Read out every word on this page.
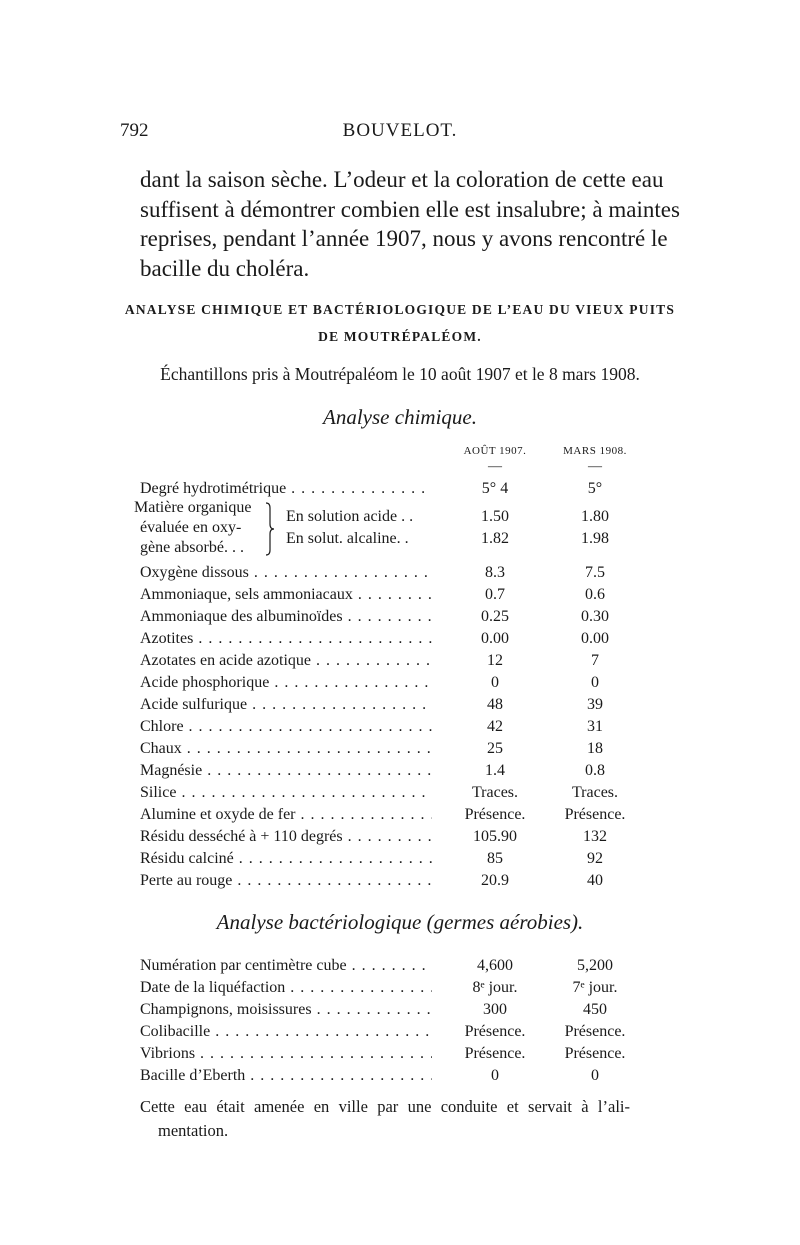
792	BOUVELOT.
dant la saison sèche. L’odeur et la coloration de cette eau
suffisent à démontrer combien elle est insalubre; à maintes
reprises, pendant l’année 1907, nous y avons rencontré le
bacille du choléra.
ANALYSE CHIMIQUE ET BACTÉRIOLOGIQUE DE L’EAU DU VIEUX PUITS
DE MOUTRÉPALÉOM.
Échantillons pris à Moutrépaléom le 10 août 1907 et le 8 mars 1908.
Analyse chimique.
AOÛT 1907.	MARS 1908.
—	—
Degré hydrotimétrique . . .	5° 4	5°
Matière organique
évaluée en oxy-
gène absorbé. . .
En solution acide . .	1.50	1.80
En solut. alcaline. .	1.82	1.98
Oxygène dissous . . .	8.3	7.5
Ammoniaque, sels ammoniacaux . . .	0.7	0.6
Ammoniaque des albuminoïdes . . .	0.25	0.30
Azotites . . .	0.00	0.00
Azotates en acide azotique . . .	12	7
Acide phosphorique . . .	0	0
Acide sulfurique . . .	48	39
Chlore . . .	42	31
Chaux . . .	25	18
Magnésie . . .	1.4	0.8
Silice . . .	Traces.	Traces.
Alumine et oxyde de fer . . .	Présence.	Présence.
Résidu desséché à + 110 degrés . . .	105.90	132
Résidu calciné . . .	85	92
Perte au rouge . . .	20.9	40
Analyse bactériologique (germes aérobies).
Numération par centimètre cube . . .	4,600	5,200
Date de la liquéfaction . . .	8ᵉ jour.	7ᵉ jour.
Champignons, moisissures . . .	300	450
Colibacille . . .	Présence.	Présence.
Vibrions . . .	Présence.	Présence.
Bacille d’Eberth . . .	0	0
Cette eau était amenée en ville par une conduite et servait à l’ali-
mentation.
